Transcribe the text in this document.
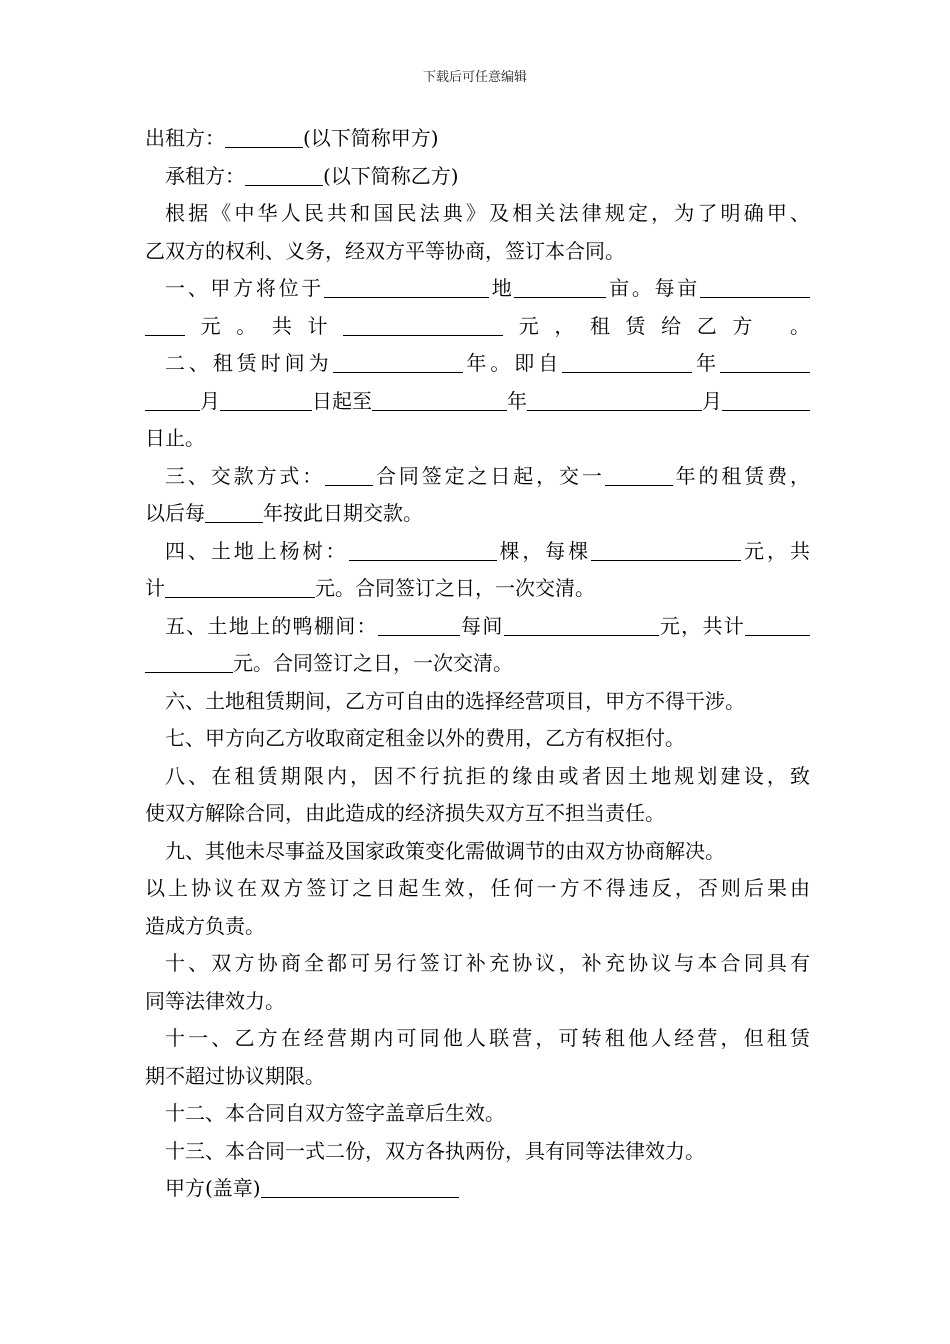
下载后可任意编辑
出租方：	(以下简称甲方)
承租方：	(以下简称乙方)
根据《中华人民共和国民法典》及相关法律规定，为了明确甲、
乙双方的权利、义务，经双方平等协商，签订本合同。
一、甲方将位于	地	亩。每亩
元。共计	元，租赁给乙方 。
二、租赁时间为	年。即自	年
月	日起至	年	月
日止。
三、交款方式： 合同签定之日起，交一	年的租赁费，
以后每	年按此日期交款。
四、土地上杨树：	棵，每棵	元，共
计	元。合同签订之日，一次交清。
五、土地上的鸭棚间：	每间	元，共计
元。合同签订之日，一次交清。
六、土地租赁期间，乙方可自由的选择经营项目，甲方不得干涉。
七、甲方向乙方收取商定租金以外的费用，乙方有权拒付。
八、在租赁期限内，因不行抗拒的缘由或者因土地规划建设，致
使双方解除合同，由此造成的经济损失双方互不担当责任。
九、其他未尽事益及国家政策变化需做调节的由双方协商解决。
以上协议在双方签订之日起生效，任何一方不得违反，否则后果由
造成方负责。
十、双方协商全都可另行签订补充协议，补充协议与本合同具有
同等法律效力。
十一、乙方在经营期内可同他人联营，可转租他人经营，但租赁
期不超过协议期限。
十二、本合同自双方签字盖章后生效。
十三、本合同一式二份，双方各执两份，具有同等法律效力。
甲方(盖章)
